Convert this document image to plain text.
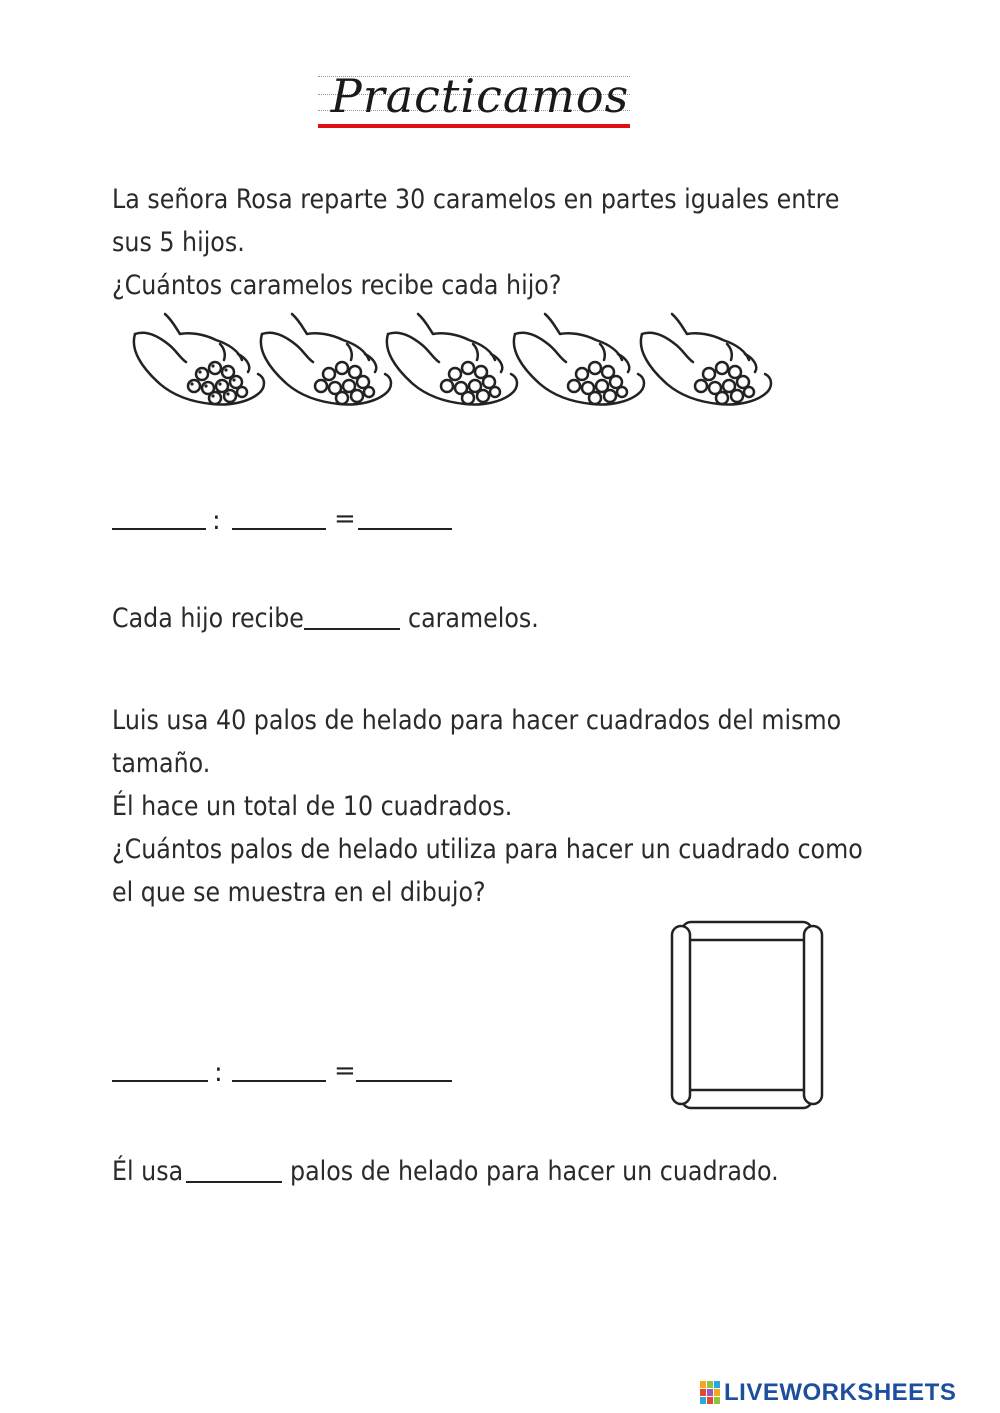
Practicamos
La señora Rosa reparte 30 caramelos en partes iguales entre
sus 5 hijos.
¿Cuántos caramelos recibe cada hijo?
:	=
Cada hijo recibe	caramelos.
Luis usa 40 palos de helado para hacer cuadrados del mismo
tamaño.
Él hace un total de 10 cuadrados.
¿Cuántos palos de helado utiliza para hacer un cuadrado como
el que se muestra en el dibujo?
:	=
Él usa	palos de helado para hacer un cuadrado.
LIVEWORKSHEETS
